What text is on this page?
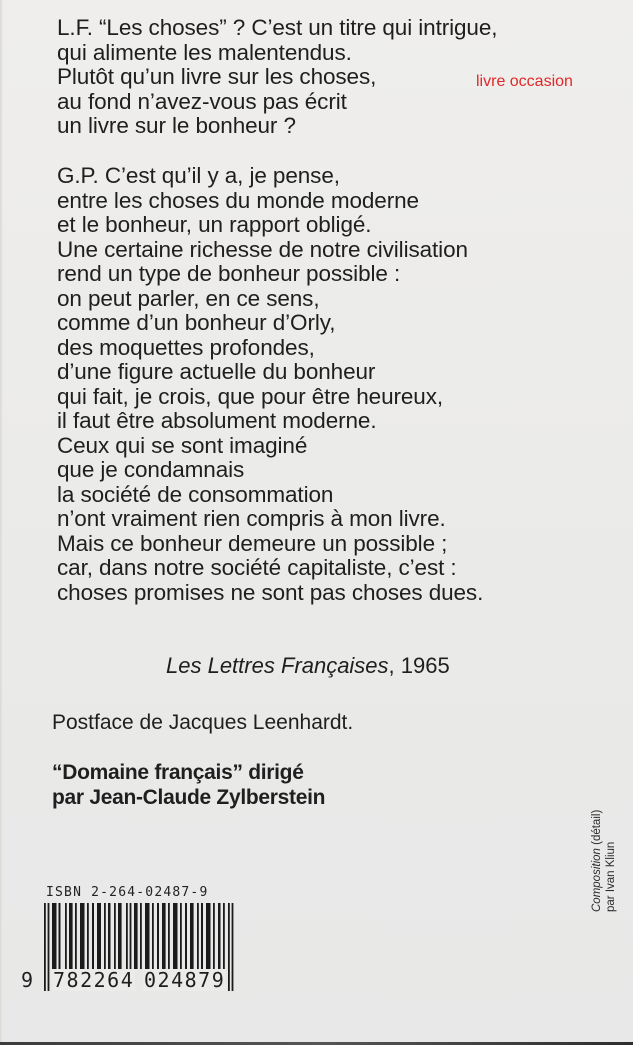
L.F. “Les choses” ? C’est un titre qui intrigue,
qui alimente les malentendus.
Plutôt qu’un livre sur les choses,
au fond n’avez-vous pas écrit
un livre sur le bonheur ?
livre occasion
G.P. C’est qu’il y a, je pense,
entre les choses du monde moderne
et le bonheur, un rapport obligé.
Une certaine richesse de notre civilisation
rend un type de bonheur possible :
on peut parler, en ce sens,
comme d’un bonheur d’Orly,
des moquettes profondes,
d’une figure actuelle du bonheur
qui fait, je crois, que pour être heureux,
il faut être absolument moderne.
Ceux qui se sont imaginé
que je condamnais
la société de consommation
n’ont vraiment rien compris à mon livre.
Mais ce bonheur demeure un possible ;
car, dans notre société capitaliste, c’est :
choses promises ne sont pas choses dues.
Les Lettres Françaises, 1965
Postface de Jacques Leenhardt.
“Domaine français” dirigé
par Jean-Claude Zylberstein
Composition (détail)
par Ivan Kliun
ISBN 2-264-02487-9
9 782264 024879
